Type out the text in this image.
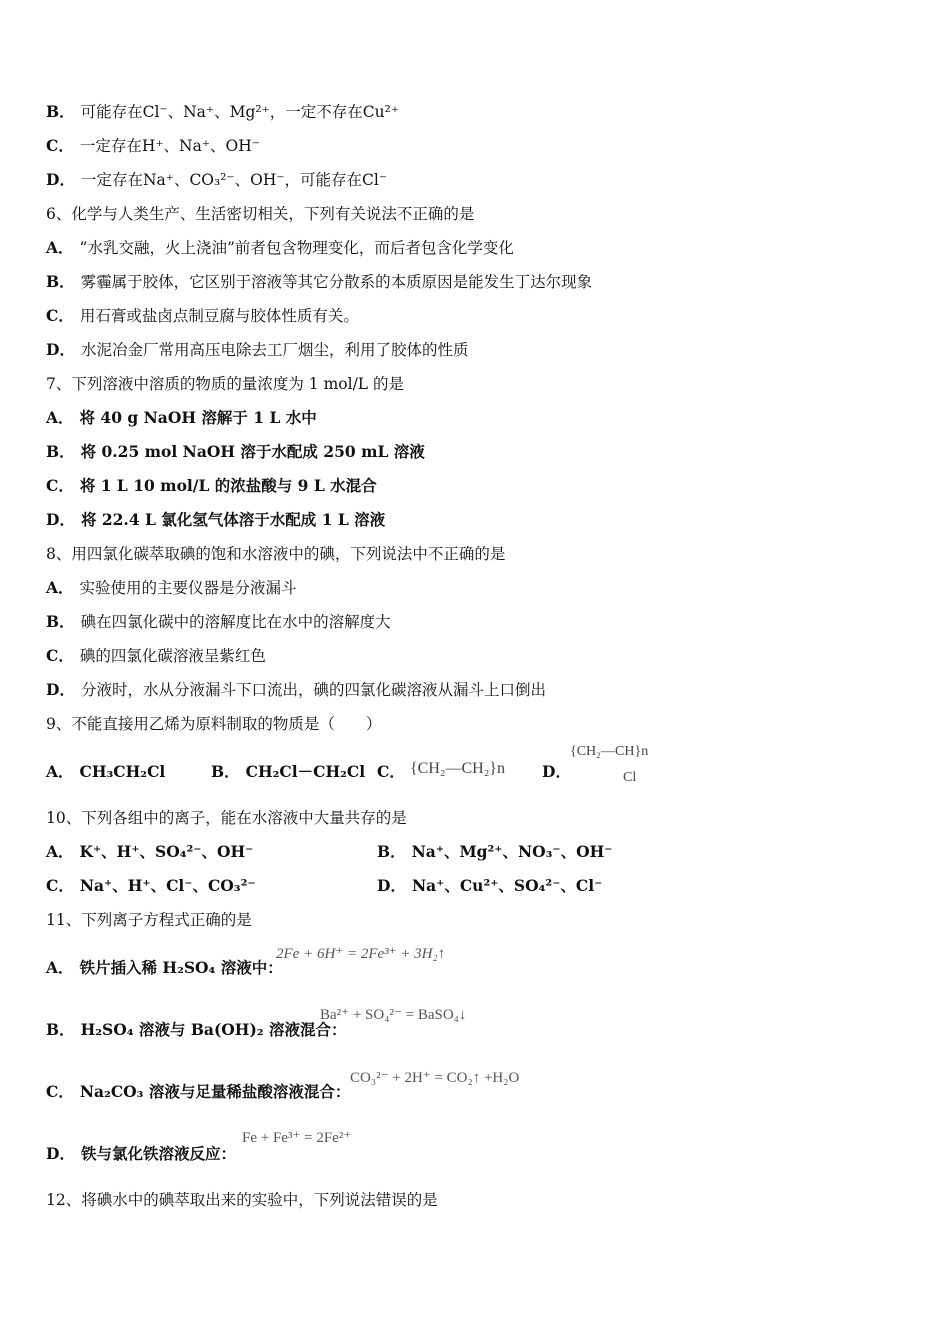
B． 可能存在Cl⁻、Na⁺、Mg²⁺，一定不存在Cu²⁺
C． 一定存在H⁺、Na⁺、OH⁻
D． 一定存在Na⁺、CO₃²⁻、OH⁻，可能存在Cl⁻
6、化学与人类生产、生活密切相关，下列有关说法不正确的是
A． “水乳交融，火上浇油”前者包含物理变化，而后者包含化学变化
B． 雾霾属于胶体，它区别于溶液等其它分散系的本质原因是能发生丁达尔现象
C． 用石膏或盐卤点制豆腐与胶体性质有关。
D． 水泥冶金厂常用高压电除去工厂烟尘，利用了胶体的性质
7、下列溶液中溶质的物质的量浓度为 1 mol/L 的是
A． 将 40 g NaOH 溶解于 1 L 水中
B． 将 0.25 mol NaOH 溶于水配成 250 mL 溶液
C． 将 1 L 10 mol/L 的浓盐酸与 9 L 水混合
D． 将 22.4 L 氯化氢气体溶于水配成 1 L 溶液
8、用四氯化碳萃取碘的饱和水溶液中的碘，下列说法中不正确的是
A． 实验使用的主要仪器是分液漏斗
B． 碘在四氯化碳中的溶解度比在水中的溶解度大
C． 碘的四氯化碳溶液呈紫红色
D． 分液时，水从分液漏斗下口流出，碘的四氯化碳溶液从漏斗上口倒出
9、不能直接用乙烯为原料制取的物质是（　　）
A． CH₃CH₂Cl	B． CH₂Cl－CH₂Cl C． {CH₂—CH₂}n D．
{CH₂—CH}n
Cl
10、下列各组中的离子，能在水溶液中大量共存的是
A． K⁺、H⁺、SO₄²⁻、OH⁻	B． Na⁺、Mg²⁺、NO₃⁻、OH⁻
C． Na⁺、H⁺、Cl⁻、CO₃²⁻	D． Na⁺、Cu²⁺、SO₄²⁻、Cl⁻
11、下列离子方程式正确的是
A． 铁片插入稀 H₂SO₄ 溶液中：
2Fe + 6H⁺ = 2Fe³⁺ + 3H₂↑
B． H₂SO₄ 溶液与 Ba(OH)₂ 溶液混合：
Ba²⁺ + SO₄²⁻ = BaSO₄↓
C． Na₂CO₃ 溶液与足量稀盐酸溶液混合：
CO₃²⁻ + 2H⁺ = CO₂↑ +H₂O
D． 铁与氯化铁溶液反应：
Fe + Fe³⁺ = 2Fe²⁺
12、将碘水中的碘萃取出来的实验中，下列说法错误的是
